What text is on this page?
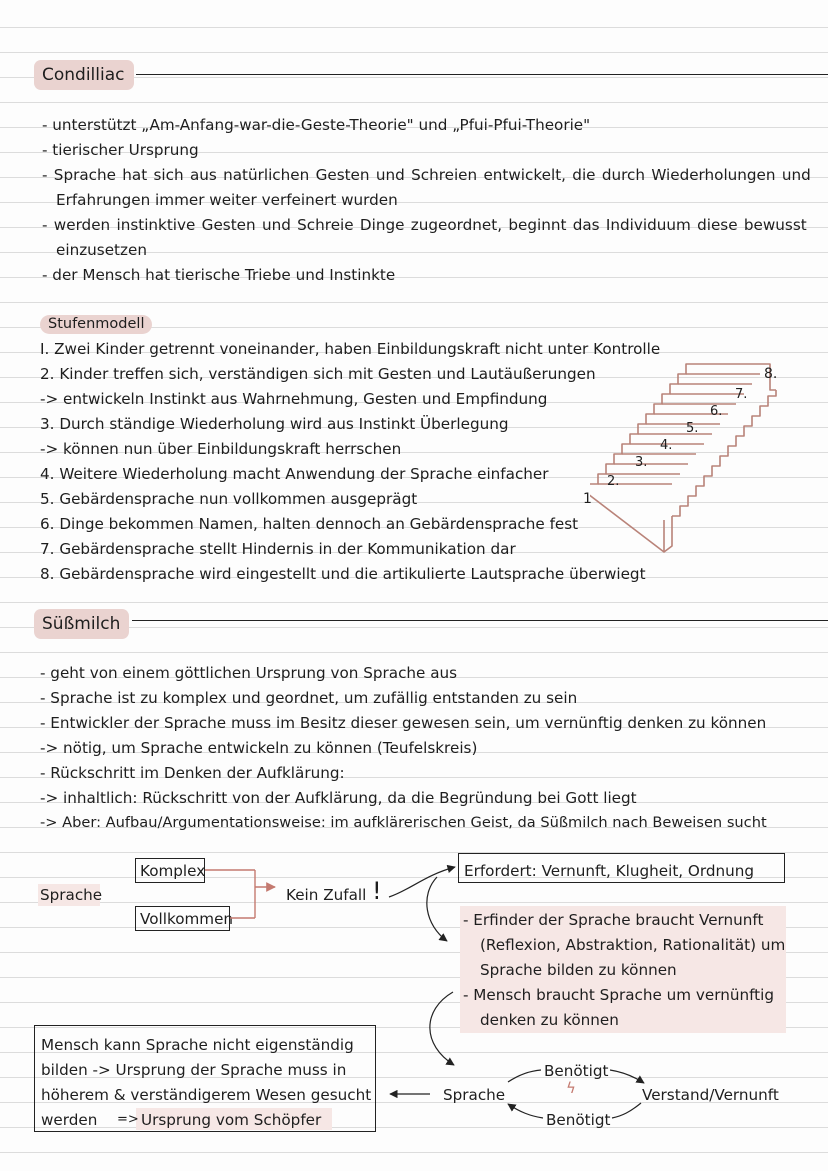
Condilliac
- unterstützt „Am-Anfang-war-die-Geste-Theorie" und „Pfui-Pfui-Theorie"
- tierischer Ursprung
- Sprache hat sich aus natürlichen Gesten und Schreien entwickelt, die durch Wiederholungen und
Erfahrungen immer weiter verfeinert wurden
- werden instinktive Gesten und Schreie Dinge zugeordnet, beginnt das Individuum diese bewusst
einzusetzen
- der Mensch hat tierische Triebe und Instinkte
Stufenmodell
I. Zwei Kinder getrennt voneinander, haben Einbildungskraft nicht unter Kontrolle
2. Kinder treffen sich, verständigen sich mit Gesten und Lautäußerungen
-> entwickeln Instinkt aus Wahrnehmung, Gesten und Empfindung
3. Durch ständige Wiederholung wird aus Instinkt Überlegung
-> können nun über Einbildungskraft herrschen
4. Weitere Wiederholung macht Anwendung der Sprache einfacher
5. Gebärdensprache nun vollkommen ausgeprägt
6. Dinge bekommen Namen, halten dennoch an Gebärdensprache fest
7. Gebärdensprache stellt Hindernis in der Kommunikation dar
8. Gebärdensprache wird eingestellt und die artikulierte Lautsprache überwiegt
1
2.
3.
4.
5.
6.
7.
8.
Süßmilch
- geht von einem göttlichen Ursprung von Sprache aus
- Sprache ist zu komplex und geordnet, um zufällig entstanden zu sein
- Entwickler der Sprache muss im Besitz dieser gewesen sein, um vernünftig denken zu können
-> nötig, um Sprache entwickeln zu können (Teufelskreis)
- Rückschritt im Denken der Aufklärung:
-> inhaltlich: Rückschritt von der Aufklärung, da die Begründung bei Gott liegt
-> Aber: Aufbau/Argumentationsweise: im aufklärerischen Geist, da Süßmilch nach Beweisen sucht
Sprache
Komplex
Vollkommen
Kein Zufall !
Erfordert: Vernunft, Klugheit, Ordnung
- Erfinder der Sprache braucht Vernunft
(Reflexion, Abstraktion, Rationalität) um
Sprache bilden zu können
- Mensch braucht Sprache um vernünftig
denken zu können
Mensch kann Sprache nicht eigenständig
bilden -> Ursprung der Sprache muss in
höherem & verständigerem Wesen gesucht
werden => Ursprung vom Schöpfer
Sprache	Verstand/Vernunft
Benötigt
Benötigt
ϟ
